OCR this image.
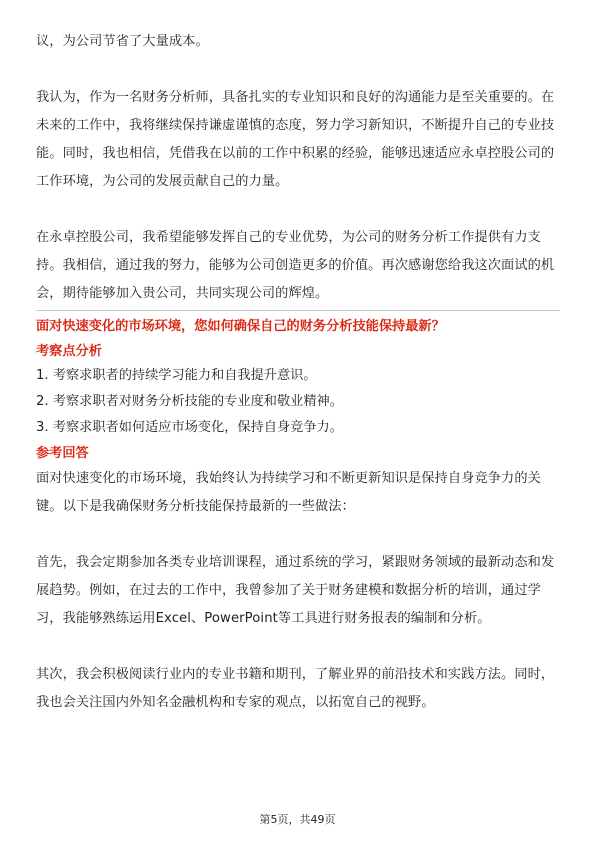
议，为公司节省了大量成本。

我认为，作为一名财务分析师，具备扎实的专业知识和良好的沟通能力是至关重要的。在未来的工作中，我将继续保持谦虚谨慎的态度，努力学习新知识，不断提升自己的专业技能。同时，我也相信，凭借我在以前的工作中积累的经验，能够迅速适应永卓控股公司的工作环境，为公司的发展贡献自己的力量。

在永卓控股公司，我希望能够发挥自己的专业优势，为公司的财务分析工作提供有力支持。我相信，通过我的努力，能够为公司创造更多的价值。再次感谢您给我这次面试的机会，期待能够加入贵公司，共同实现公司的辉煌。

面对快速变化的市场环境，您如何确保自己的财务分析技能保持最新？

考察点分析

1. 考察求职者的持续学习能力和自我提升意识。

2. 考察求职者对财务分析技能的专业度和敬业精神。

3. 考察求职者如何适应市场变化，保持自身竞争力。

参考回答

面对快速变化的市场环境，我始终认为持续学习和不断更新知识是保持自身竞争力的关键。以下是我确保财务分析技能保持最新的一些做法：

首先，我会定期参加各类专业培训课程，通过系统的学习，紧跟财务领域的最新动态和发展趋势。例如，在过去的工作中，我曾参加了关于财务建模和数据分析的培训，通过学习，我能够熟练运用Excel、PowerPoint等工具进行财务报表的编制和分析。

其次，我会积极阅读行业内的专业书籍和期刊，了解业界的前沿技术和实践方法。同时，我也会关注国内外知名金融机构和专家的观点，以拓宽自己的视野。

第5页，共49页
